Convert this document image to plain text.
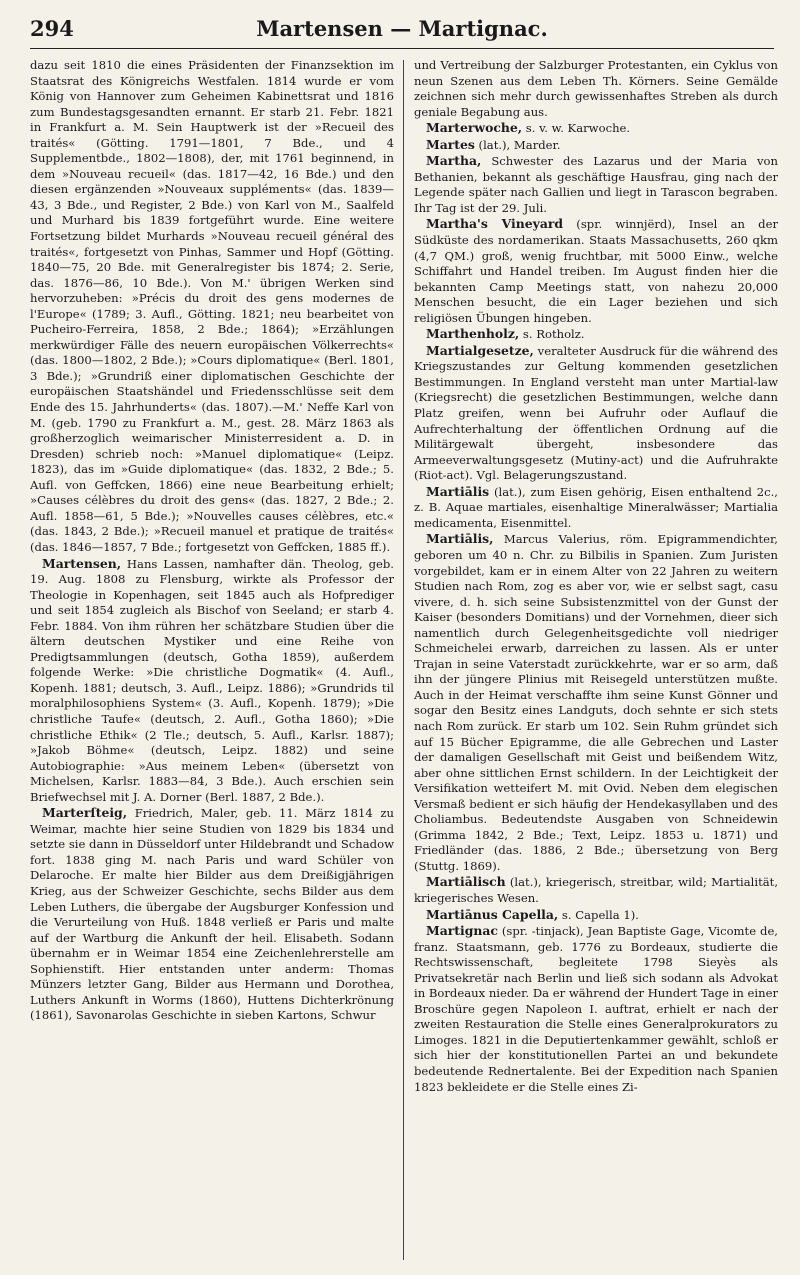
294	Martensen — Martignac.

dazu seit 1810 die eines Präsidenten der Finanzsektion im Staatsrat des Königreichs Westfalen. 1814 wurde er vom König von Hannover zum Geheimen Kabinettsrat und 1816 zum Bundestagsgesandten ernannt. Er starb 21. Febr. 1821 in Frankfurt a. M. Sein Hauptwerk ist der »Recueil des traités« (Götting. 1791—1801, 7 Bde., und 4 Supplementbde., 1802—1808), der, mit 1761 beginnend, in dem »Nouveau recueil« (das. 1817—42, 16 Bde.) und den diesen ergänzenden »Nouveaux suppléments« (das. 1839—43, 3 Bde., und Register, 2 Bde.) von Karl von M., Saalfeld und Murhard bis 1839 fortgeführt wurde. Eine weitere Fortsetzung bildet Murhards »Nouveau recueil général des traités«, fortgesetzt von Pinhas, Sammer und Hopf (Götting. 1840—75, 20 Bde. mit Generalregister bis 1874; 2. Serie, das. 1876—86, 10 Bde.). Von M.' übrigen Werken sind hervorzuheben: »Précis du droit des gens modernes de l'Europe« (1789; 3. Aufl., Götting. 1821; neu bearbeitet von Pucheiro-Ferreira, 1858, 2 Bde.; 1864); »Erzählungen merkwürdiger Fälle des neuern europäischen Völkerrechts« (das. 1800—1802, 2 Bde.); »Cours diplomatique« (Berl. 1801, 3 Bde.); »Grundriß einer diplomatischen Geschichte der europäischen Staatshändel und Friedensschlüsse seit dem Ende des 15. Jahrhunderts« (das. 1807).—M.' Neffe Karl von M. (geb. 1790 zu Frankfurt a. M., gest. 28. März 1863 als großherzoglich weimarischer Ministerresident a. D. in Dresden) schrieb noch: »Manuel diplomatique« (Leipz. 1823), das im »Guide diplomatique« (das. 1832, 2 Bde.; 5. Aufl. von Geffcken, 1866) eine neue Bearbeitung erhielt; »Causes célèbres du droit des gens« (das. 1827, 2 Bde.; 2. Aufl. 1858—61, 5 Bde.); »Nouvelles causes célèbres, etc.« (das. 1843, 2 Bde.); »Recueil manuel et pratique de traités« (das. 1846—1857, 7 Bde.; fortgesetzt von Geffcken, 1885 ff.).

Martensen, Hans Lassen, namhafter dän. Theolog, geb. 19. Aug. 1808 zu Flensburg, wirkte als Professor der Theologie in Kopenhagen, seit 1845 auch als Hofprediger und seit 1854 zugleich als Bischof von Seeland; er starb 4. Febr. 1884. Von ihm rühren her schätzbare Studien über die ältern deutschen Mystiker und eine Reihe von Predigtsammlungen (deutsch, Gotha 1859), außerdem folgende Werke: »Die christliche Dogmatik« (4. Aufl., Kopenh. 1881; deutsch, 3. Aufl., Leipz. 1886); »Grundrids til moralphilosophiens System« (3. Aufl., Kopenh. 1879); »Die christliche Taufe« (deutsch, 2. Aufl., Gotha 1860); »Die christliche Ethik« (2 Tle.; deutsch, 5. Aufl., Karlsr. 1887); »Jakob Böhme« (deutsch, Leipz. 1882) und seine Autobiographie: »Aus meinem Leben« (übersetzt von Michelsen, Karlsr. 1883—84, 3 Bde.). Auch erschien sein Briefwechsel mit J. A. Dorner (Berl. 1887, 2 Bde.).

Marterſteig, Friedrich, Maler, geb. 11. März 1814 zu Weimar, machte hier seine Studien von 1829 bis 1834 und setzte sie dann in Düsseldorf unter Hildebrandt und Schadow fort. 1838 ging M. nach Paris und ward Schüler von Delaroche. Er malte hier Bilder aus dem Dreißigjährigen Krieg, aus der Schweizer Geschichte, sechs Bilder aus dem Leben Luthers, die übergabe der Augsburger Konfession und die Verurteilung von Huß. 1848 verließ er Paris und malte auf der Wartburg die Ankunft der heil. Elisabeth. Sodann übernahm er in Weimar 1854 eine Zeichenlehrerstelle am Sophienstift. Hier entstanden unter anderm: Thomas Münzers letzter Gang, Bilder aus Hermann und Dorothea, Luthers Ankunft in Worms (1860), Huttens Dichterkrönung (1861), Savonarolas Geschichte in sieben Kartons, Schwur

und Vertreibung der Salzburger Protestanten, ein Cyklus von neun Szenen aus dem Leben Th. Körners. Seine Gemälde zeichnen sich mehr durch gewissenhaftes Streben als durch geniale Begabung aus.

Marterwoche, s. v. w. Karwoche.

Martes (lat.), Marder.

Martha, Schwester des Lazarus und der Maria von Bethanien, bekannt als geschäftige Hausfrau, ging nach der Legende später nach Gallien und liegt in Tarascon begraben. Ihr Tag ist der 29. Juli.

Martha's Vineyard (spr. winnjërd), Insel an der Südküste des nordamerikan. Staats Massachusetts, 260 qkm (4,7 QM.) groß, wenig fruchtbar, mit 5000 Einw., welche Schiffahrt und Handel treiben. Im August finden hier die bekannten Camp Meetings statt, von nahezu 20,000 Menschen besucht, die ein Lager beziehen und sich religiösen Übungen hingeben.

Marthenholz, s. Rotholz.

Martialgesetze, veralteter Ausdruck für die während des Kriegszustandes zur Geltung kommenden gesetzlichen Bestimmungen. In England versteht man unter Martial-law (Kriegsrecht) die gesetzlichen Bestimmungen, welche dann Platz greifen, wenn bei Aufruhr oder Auflauf die Aufrechterhaltung der öffentlichen Ordnung auf die Militärgewalt übergeht, insbesondere das Armeeverwaltungsgesetz (Mutiny-act) und die Aufruhrakte (Riot-act). Vgl. Belagerungszustand.

Martiālis (lat.), zum Eisen gehörig, Eisen enthaltend 2c., z. B. Aquae martiales, eisenhaltige Mineralwässer; Martialia medicamenta, Eisenmittel.

Martiālis, Marcus Valerius, röm. Epigrammendichter, geboren um 40 n. Chr. zu Bilbilis in Spanien. Zum Juristen vorgebildet, kam er in einem Alter von 22 Jahren zu weitern Studien nach Rom, zog es aber vor, wie er selbst sagt, casu vivere, d. h. sich seine Subsistenzmittel von der Gunst der Kaiser (besonders Domitians) und der Vornehmen, dieer sich namentlich durch Gelegenheitsgedichte voll niedriger Schmeichelei erwarb, darreichen zu lassen. Als er unter Trajan in seine Vaterstadt zurückkehrte, war er so arm, daß ihn der jüngere Plinius mit Reisegeld unterstützen mußte. Auch in der Heimat verschaffte ihm seine Kunst Gönner und sogar den Besitz eines Landguts, doch sehnte er sich stets nach Rom zurück. Er starb um 102. Sein Ruhm gründet sich auf 15 Bücher Epigramme, die alle Gebrechen und Laster der damaligen Gesellschaft mit Geist und beißendem Witz, aber ohne sittlichen Ernst schildern. In der Leichtigkeit der Versifikation wetteifert M. mit Ovid. Neben dem elegischen Versmaß bedient er sich häufig der Hendekasyllaben und des Choliambus. Bedeutendste Ausgaben von Schneidewin (Grimma 1842, 2 Bde.; Text, Leipz. 1853 u. 1871) und Friedländer (das. 1886, 2 Bde.; übersetzung von Berg (Stuttg. 1869).

Martiālisch (lat.), kriegerisch, streitbar, wild; Martialität, kriegerisches Wesen.

Martiānus Capella, s. Capella 1).

Martignac (spr. -tinjack), Jean Baptiste Gage, Vicomte de, franz. Staatsmann, geb. 1776 zu Bordeaux, studierte die Rechtswissenschaft, begleitete 1798 Sieyès als Privatsekretär nach Berlin und ließ sich sodann als Advokat in Bordeaux nieder. Da er während der Hundert Tage in einer Broschüre gegen Napoleon I. auftrat, erhielt er nach der zweiten Restauration die Stelle eines Generalprokurators zu Limoges. 1821 in die Deputiertenkammer gewählt, schloß er sich hier der konstitutionellen Partei an und bekundete bedeutende Rednertalente. Bei der Expedition nach Spanien 1823 bekleidete er die Stelle eines Zi-
